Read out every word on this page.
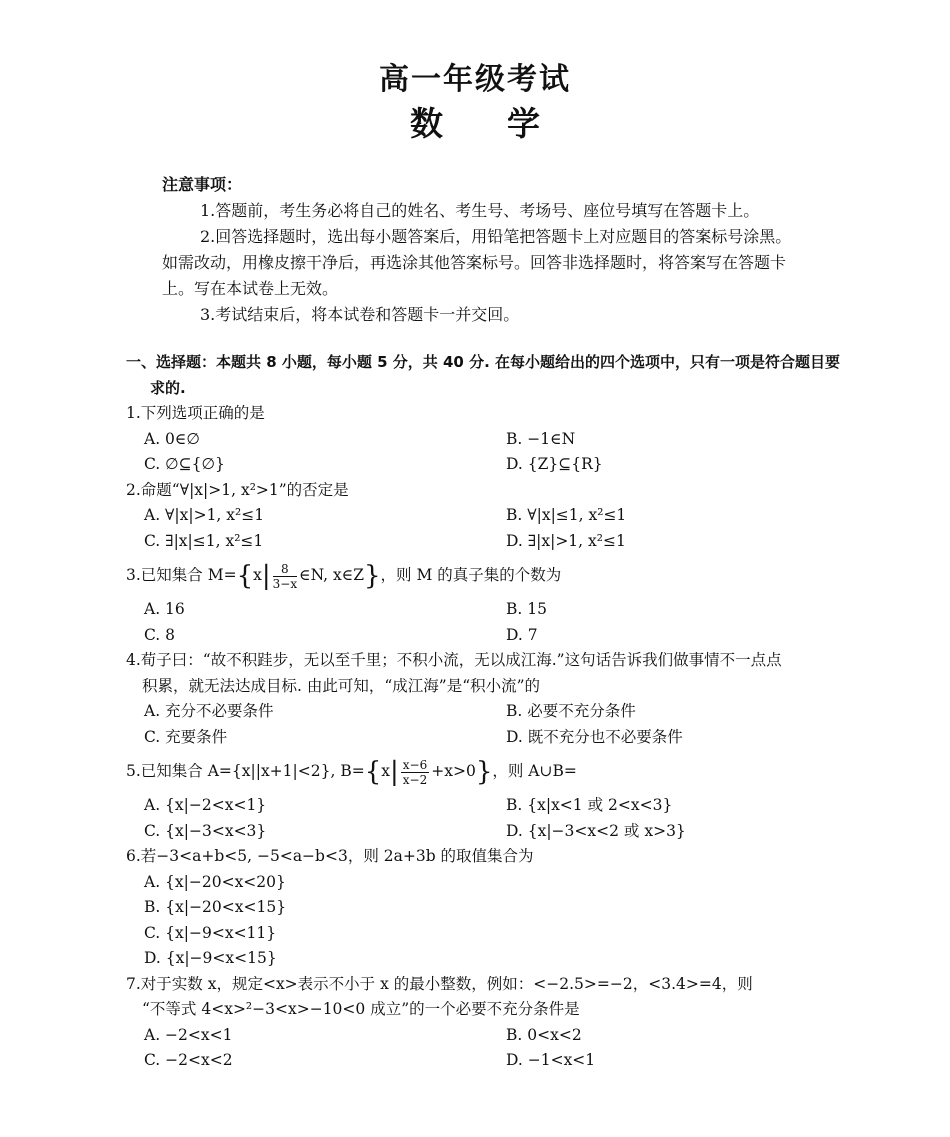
高一年级考试
数 学
注意事项：

1.答题前，考生务必将自己的姓名、考生号、考场号、座位号填写在答题卡上。

2.回答选择题时，选出每小题答案后，用铅笔把答题卡上对应题目的答案标号涂黑。如需改动，用橡皮擦干净后，再选涂其他答案标号。回答非选择题时，将答案写在答题卡上。写在本试卷上无效。

3.考试结束后，将本试卷和答题卡一并交回。

一、选择题：本题共 8 小题，每小题 5 分，共 40 分. 在每小题给出的四个选项中，只有一项是符合题目要求的.
1.下列选项正确的是
A. 0∈∅	B. −1∈N
C. ∅⊆{∅}	D. {Z}⊆{R}
2.命题“∀|x|>1, x²>1”的否定是
A. ∀|x|>1, x²≤1	B. ∀|x|≤1, x²≤1
C. ∃|x|≤1, x²≤1	D. ∃|x|>1, x²≤1
3.已知集合 $M=\{x| \frac{8}{3-x}$ ∈N, x∈Z}，则 M 的真子集的个数为
A. 16	B. 15
C. 8	D. 7
4.荀子曰：“故不积跬步，无以至千里；不积小流，无以成江海.”这句话告诉我们做事情不一点点
积累，就无法达成目标. 由此可知，“成江海”是“积小流”的
A. 充分不必要条件	B. 必要不充分条件
C. 充要条件	D. 既不充分也不必要条件
5.已知集合 A={x||x+1|<2}, $B=\{x| \frac{x-6}{x-2} +x>0\}$，则 A∪B=
A. {x|−2<x<1}	B. {x|x<1 或 2<x<3}
C. {x|−3<x<3}	D. {x|−3<x<2 或 x>3}
6.若−3<a+b<5, −5<a−b<3，则 2a+3b 的取值集合为
A. {x|−20<x<20}
B. {x|−20<x<15}
C. {x|−9<x<11}
D. {x|−9<x<15}
7.对于实数 x，规定<x>表示不小于 x 的最小整数，例如：<−2.5>=−2，<3.4>=4，则
“不等式 4<x>²−3<x>−10<0 成立”的一个必要不充分条件是
A. −2<x<1	B. 0<x<2
C. −2<x<2	D. −1<x<1
